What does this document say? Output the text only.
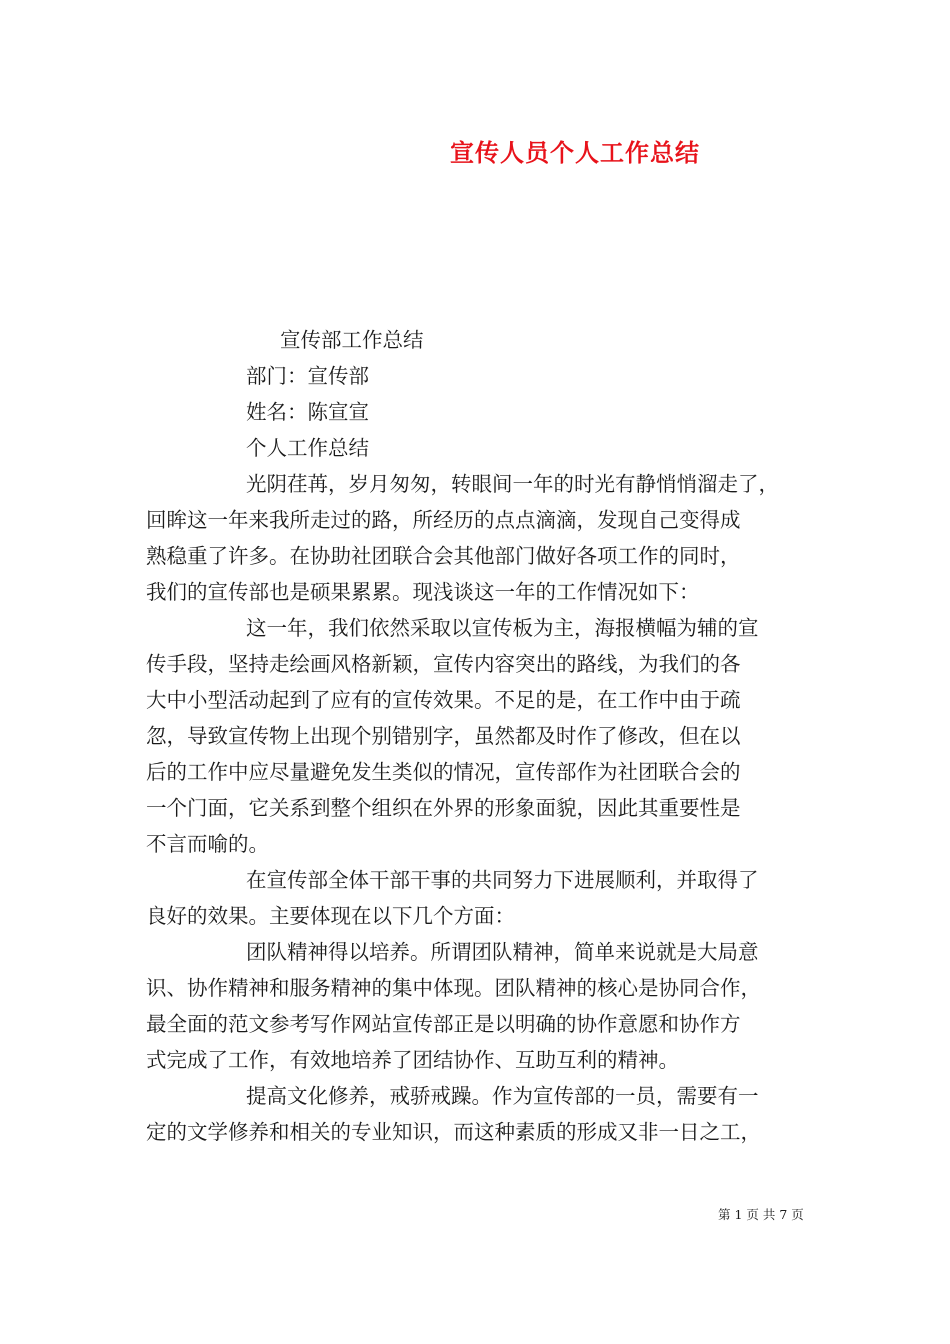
宣传人员个人工作总结
宣传部工作总结
部门：宣传部
姓名：陈宣宣
个人工作总结
光阴荏苒，岁月匆匆，转眼间一年的时光有静悄悄溜走了，
回眸这一年来我所走过的路，所经历的点点滴滴，发现自己变得成
熟稳重了许多。在协助社团联合会其他部门做好各项工作的同时，
我们的宣传部也是硕果累累。现浅谈这一年的工作情况如下：
这一年，我们依然采取以宣传板为主，海报横幅为辅的宣
传手段，坚持走绘画风格新颖，宣传内容突出的路线，为我们的各
大中小型活动起到了应有的宣传效果。不足的是，在工作中由于疏
忽，导致宣传物上出现个别错别字，虽然都及时作了修改，但在以
后的工作中应尽量避免发生类似的情况，宣传部作为社团联合会的
一个门面，它关系到整个组织在外界的形象面貌，因此其重要性是
不言而喻的。
在宣传部全体干部干事的共同努力下进展顺利，并取得了
良好的效果。主要体现在以下几个方面：
团队精神得以培养。所谓团队精神，简单来说就是大局意
识、协作精神和服务精神的集中体现。团队精神的核心是协同合作，
最全面的范文参考写作网站宣传部正是以明确的协作意愿和协作方
式完成了工作，有效地培养了团结协作、互助互利的精神。
提高文化修养，戒骄戒躁。作为宣传部的一员，需要有一
定的文学修养和相关的专业知识，而这种素质的形成又非一日之工，
第 1 页 共 7 页
